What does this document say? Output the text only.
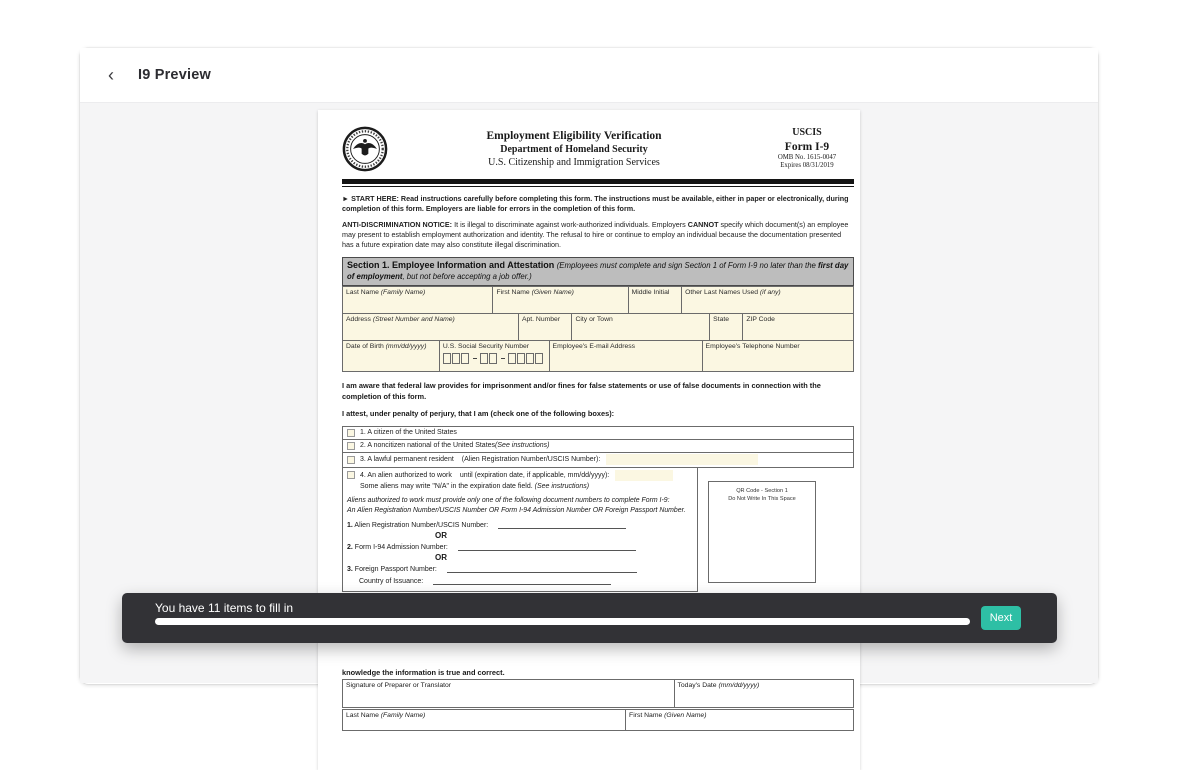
‹ I9 Preview
Employment Eligibility Verification
Department of Homeland Security
U.S. Citizenship and Immigration Services
USCIS
Form I-9
OMB No. 1615-0047
Expires 08/31/2019

► START HERE: Read instructions carefully before completing this form. The instructions must be available, either in paper or electronically, during completion of this form. Employers are liable for errors in the completion of this form.

ANTI-DISCRIMINATION NOTICE: It is illegal to discriminate against work-authorized individuals. Employers CANNOT specify which document(s) an employee may present to establish employment authorization and identity. The refusal to hire or continue to employ an individual because the documentation presented has a future expiration date may also constitute illegal discrimination.

Section 1. Employee Information and Attestation (Employees must complete and sign Section 1 of Form I-9 no later than the first day of employment, but not before accepting a job offer.)
Last Name (Family Name)	First Name (Given Name)	Middle Initial	Other Last Names Used (if any)
Address (Street Number and Name)	Apt. Number	City or Town	State	ZIP Code
Date of Birth (mm/dd/yyyy)	U.S. Social Security Number	Employee's E-mail Address	Employee's Telephone Number

I am aware that federal law provides for imprisonment and/or fines for false statements or use of false documents in connection with the completion of this form.

I attest, under penalty of perjury, that I am (check one of the following boxes):

1. A citizen of the United States
2. A noncitizen national of the United States (See instructions)
3. A lawful permanent resident (Alien Registration Number/USCIS Number):
4. An alien authorized to work until (expiration date, if applicable, mm/dd/yyyy):
Some aliens may write "N/A" in the expiration date field. (See instructions)
Aliens authorized to work must provide only one of the following document numbers to complete Form I-9:
An Alien Registration Number/USCIS Number OR Form I-94 Admission Number OR Foreign Passport Number.
1. Alien Registration Number/USCIS Number:
OR
2. Form I-94 Admission Number:
OR
3. Foreign Passport Number:
Country of Issuance:
QR Code - Section 1
Do Not Write In This Space
knowledge the information is true and correct.
Signature of Preparer or Translator	Today's Date (mm/dd/yyyy)
Last Name (Family Name)	First Name (Given Name)
You have 11 items to fill in
Next
